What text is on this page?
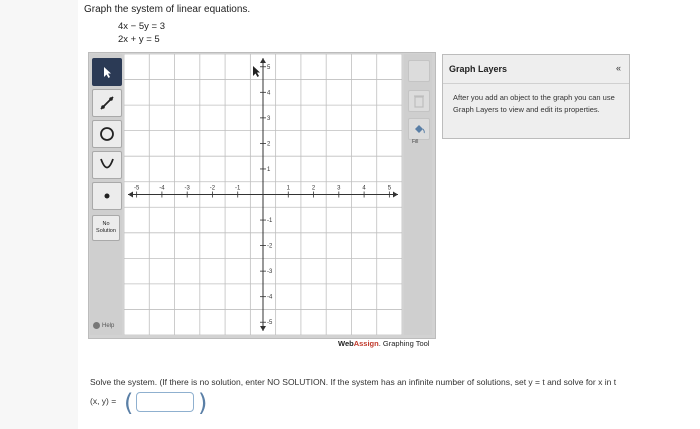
Graph the system of linear equations.
4x − 5y = 3
2x + y = 5
No Solution
Help
-5	-4	-3	-2	-1	1	2	3	4	5
5
4
3
2
1
-1
-2
-3
-4
-5
Fill
Graph Layers	«
After you add an object to the graph you can use Graph Layers to view and edit its properties.
WebAssign. Graphing Tool
Solve the system. (If there is no solution, enter NO SOLUTION. If the system has an infinite number of solutions, set y = t and solve for x in t
(x, y) = (	)
